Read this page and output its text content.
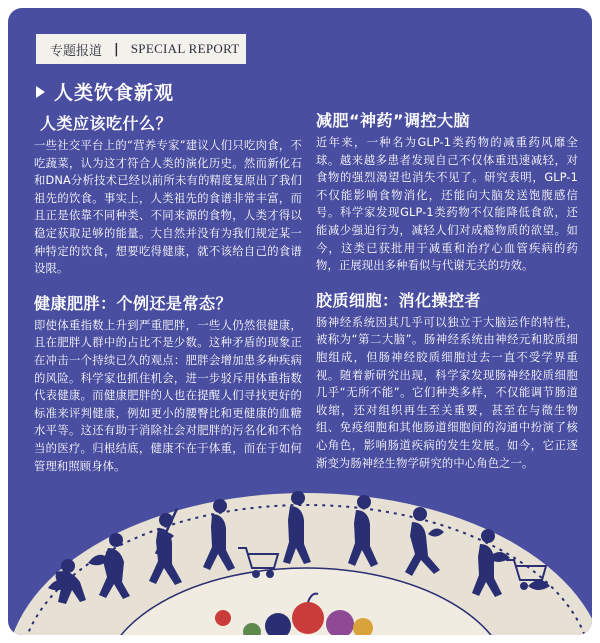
专题报道 | SPECIAL REPORT
人类饮食新观
人类应该吃什么？

一些社交平台上的“营养专家”建议人们只吃肉食，不吃蔬菜，认为这才符合人类的演化历史。然而新化石和DNA分析技术已经以前所未有的精度复原出了我们祖先的饮食。事实上，人类祖先的食谱非常丰富，而且正是依靠不同种类、不同来源的食物，人类才得以稳定获取足够的能量。大自然并没有为我们规定某一种特定的饮食，想要吃得健康，就不该给自己的食谱设限。

健康肥胖：个例还是常态？

即使体重指数上升到严重肥胖，一些人仍然很健康，且在肥胖人群中的占比不是少数。这种矛盾的现象正在冲击一个持续已久的观点：肥胖会增加患多种疾病的风险。科学家也抓住机会，进一步驳斥用体重指数代表健康。而健康肥胖的人也在提醒人们寻找更好的标准来评判健康，例如更小的腰臀比和更健康的血糖水平等。这还有助于消除社会对肥胖的污名化和不恰当的医疗。归根结底，健康不在于体重，而在于如何管理和照顾身体。

减肥“神药”调控大脑

近年来，一种名为GLP-1类药物的减重药风靡全球。越来越多患者发现自己不仅体重迅速减轻，对食物的强烈渴望也消失不见了。研究表明，GLP-1不仅能影响食物消化，还能向大脑发送饱腹感信号。科学家发现GLP-1类药物不仅能降低食欲，还能减少强迫行为，减轻人们对成瘾物质的欲望。如今，这类已获批用于减重和治疗心血管疾病的药物，正展现出多种看似与代谢无关的功效。

胶质细胞：消化操控者

肠神经系统因其几乎可以独立于大脑运作的特性，被称为“第二大脑”。肠神经系统由神经元和胶质细胞组成，但肠神经胶质细胞过去一直不受学界重视。随着新研究出现，科学家发现肠神经胶质细胞几乎“无所不能”。它们种类多样，不仅能调节肠道收缩，还对组织再生至关重要，甚至在与微生物组、免疫细胞和其他肠道细胞间的沟通中扮演了核心角色，影响肠道疾病的发生发展。如今，它正逐渐变为肠神经生物学研究的中心角色之一。
